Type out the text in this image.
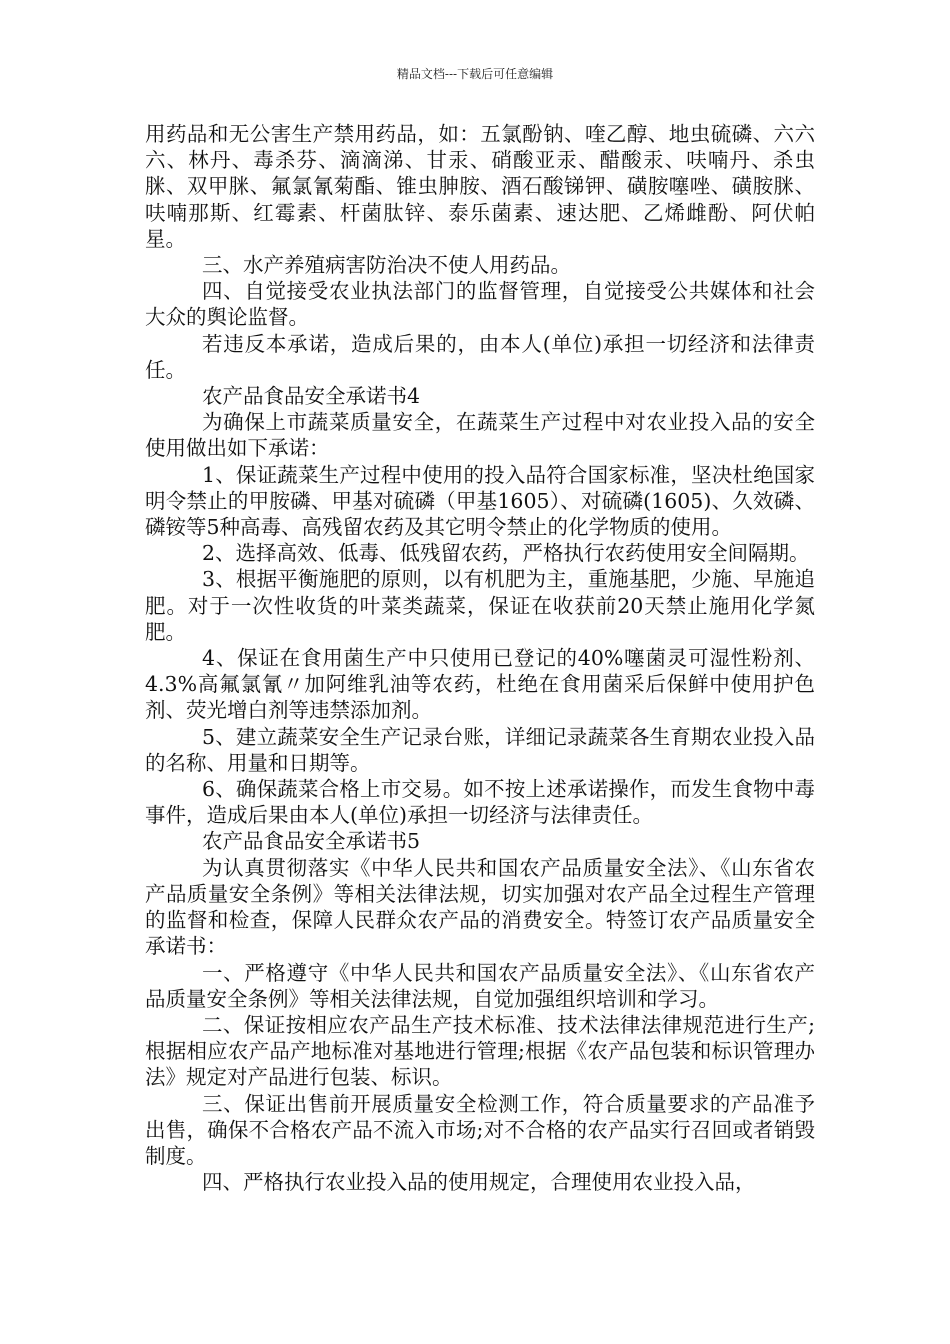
精品文档---下载后可任意编辑

用药品和无公害生产禁用药品，如：五氯酚钠、喹乙醇、地虫硫磷、六六六、林丹、毒杀芬、滴滴涕、甘汞、硝酸亚汞、醋酸汞、呋喃丹、杀虫脒、双甲脒、氟氯氰菊酯、锥虫胂胺、酒石酸锑钾、磺胺噻唑、磺胺脒、呋喃那斯、红霉素、杆菌肽锌、泰乐菌素、速达肥、乙烯雌酚、阿伏帕星。

三、水产养殖病害防治决不使人用药品。

四、自觉接受农业执法部门的监督管理，自觉接受公共媒体和社会大众的舆论监督。

若违反本承诺，造成后果的，由本人(单位)承担一切经济和法律责任。

农产品食品安全承诺书4

为确保上市蔬菜质量安全，在蔬菜生产过程中对农业投入品的安全使用做出如下承诺：

1、保证蔬菜生产过程中使用的投入品符合国家标准，坚决杜绝国家明令禁止的甲胺磷、甲基对硫磷（甲基1605）、对硫磷(1605)、久效磷、磷铵等5种高毒、高残留农药及其它明令禁止的化学物质的使用。

2、选择高效、低毒、低残留农药，严格执行农药使用安全间隔期。

3、根据平衡施肥的原则，以有机肥为主，重施基肥，少施、早施追肥。对于一次性收货的叶菜类蔬菜，保证在收获前20天禁止施用化学氮肥。

4、保证在食用菌生产中只使用已登记的40%噻菌灵可湿性粉剂、4.3%高氟氯氰〃加阿维乳油等农药，杜绝在食用菌采后保鲜中使用护色剂、荧光增白剂等违禁添加剂。

5、建立蔬菜安全生产记录台账，详细记录蔬菜各生育期农业投入品的名称、用量和日期等。

6、确保蔬菜合格上市交易。如不按上述承诺操作，而发生食物中毒事件，造成后果由本人(单位)承担一切经济与法律责任。

农产品食品安全承诺书5

为认真贯彻落实《中华人民共和国农产品质量安全法》、《山东省农产品质量安全条例》等相关法律法规，切实加强对农产品全过程生产管理的监督和检查，保障人民群众农产品的消费安全。特签订农产品质量安全承诺书：

一、严格遵守《中华人民共和国农产品质量安全法》、《山东省农产品质量安全条例》等相关法律法规，自觉加强组织培训和学习。

二、保证按相应农产品生产技术标准、技术法律法律规范进行生产;根据相应农产品产地标准对基地进行管理;根据《农产品包装和标识管理办法》规定对产品进行包装、标识。

三、保证出售前开展质量安全检测工作，符合质量要求的产品准予出售，确保不合格农产品不流入市场;对不合格的农产品实行召回或者销毁制度。

四、严格执行农业投入品的使用规定，合理使用农业投入品，
